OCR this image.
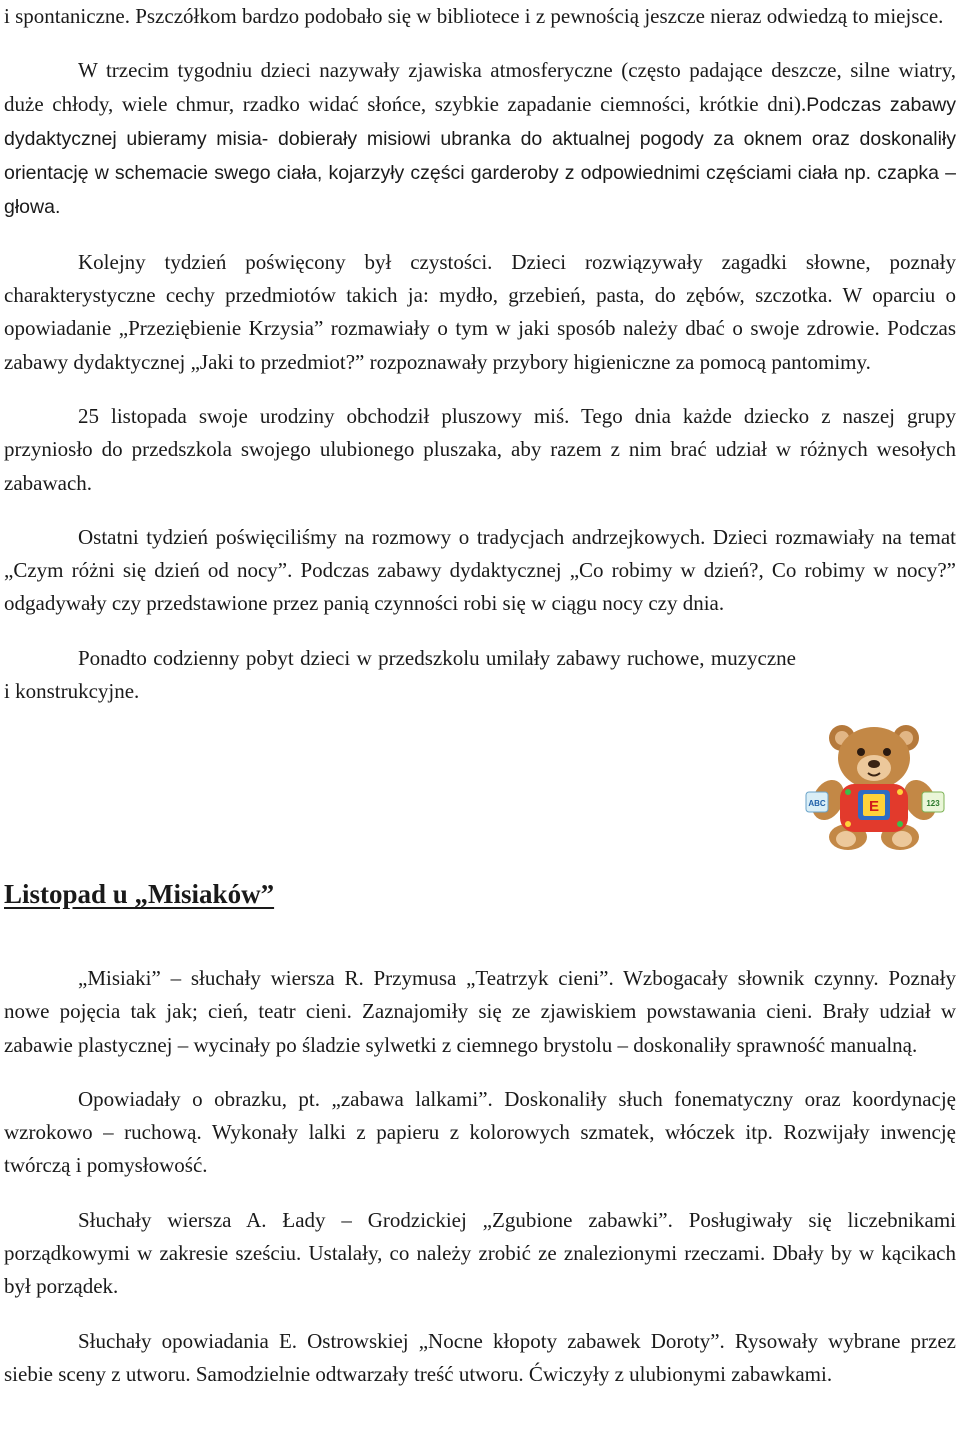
i spontaniczne. Pszczółkom bardzo podobało się w bibliotece i z pewnością jeszcze nieraz odwiedzą to miejsce.

W trzecim tygodniu dzieci nazywały zjawiska atmosferyczne (często padające deszcze, silne wiatry, duże chłody, wiele chmur, rzadko widać słońce, szybkie zapadanie ciemności, krótkie dni).Podczas zabawy dydaktycznej ubieramy misia- dobierały misiowi ubranka do aktualnej pogody za oknem oraz doskonaliły orientację w schemacie swego ciała, kojarzyły części garderoby z odpowiednimi częściami ciała np. czapka –głowa.

Kolejny tydzień poświęcony był czystości. Dzieci rozwiązywały zagadki słowne, poznały charakterystyczne cechy przedmiotów takich ja: mydło, grzebień, pasta, do zębów, szczotka. W oparciu o opowiadanie „Przeziębienie Krzysia” rozmawiały o tym w jaki sposób należy dbać o swoje zdrowie. Podczas zabawy dydaktycznej „Jaki to przedmiot?” rozpoznawały przybory higieniczne za pomocą pantomimy.

25 listopada swoje urodziny obchodził pluszowy miś. Tego dnia każde dziecko z naszej grupy przyniosło do przedszkola swojego ulubionego pluszaka, aby razem z nim brać udział w różnych wesołych zabawach.

Ostatni tydzień poświęciliśmy na rozmowy o tradycjach andrzejkowych. Dzieci rozmawiały na temat „Czym różni się dzień od nocy”. Podczas zabawy dydaktycznej „Co robimy w dzień?, Co robimy w nocy?” odgadywały czy przedstawione przez panią czynności robi się w ciągu nocy czy dnia.

Ponadto codzienny pobyt dzieci w przedszkolu umilały zabawy ruchowe, muzyczne i konstrukcyjne.

ABC	E	123
Listopad u „Misiaków”

„Misiaki” – słuchały wiersza R. Przymusa „Teatrzyk cieni”. Wzbogacały słownik czynny. Poznały nowe pojęcia tak jak; cień, teatr cieni. Zaznajomiły się ze zjawiskiem powstawania cieni. Brały udział w zabawie plastycznej – wycinały po śladzie sylwetki z ciemnego brystolu – doskonaliły sprawność manualną.

Opowiadały o obrazku, pt. „zabawa lalkami”. Doskonaliły słuch fonematyczny oraz koordynację wzrokowo – ruchową. Wykonały lalki z papieru z kolorowych szmatek, włóczek itp. Rozwijały inwencję twórczą i pomysłowość.

Słuchały wiersza A. Łady – Grodzickiej „Zgubione zabawki”. Posługiwały się liczebnikami porządkowymi w zakresie sześciu. Ustalały, co należy zrobić ze znalezionymi rzeczami. Dbały by w kącikach był porządek.

Słuchały opowiadania E. Ostrowskiej „Nocne kłopoty zabawek Doroty”. Rysowały wybrane przez siebie sceny z utworu. Samodzielnie odtwarzały treść utworu. Ćwiczyły z ulubionymi zabawkami.
